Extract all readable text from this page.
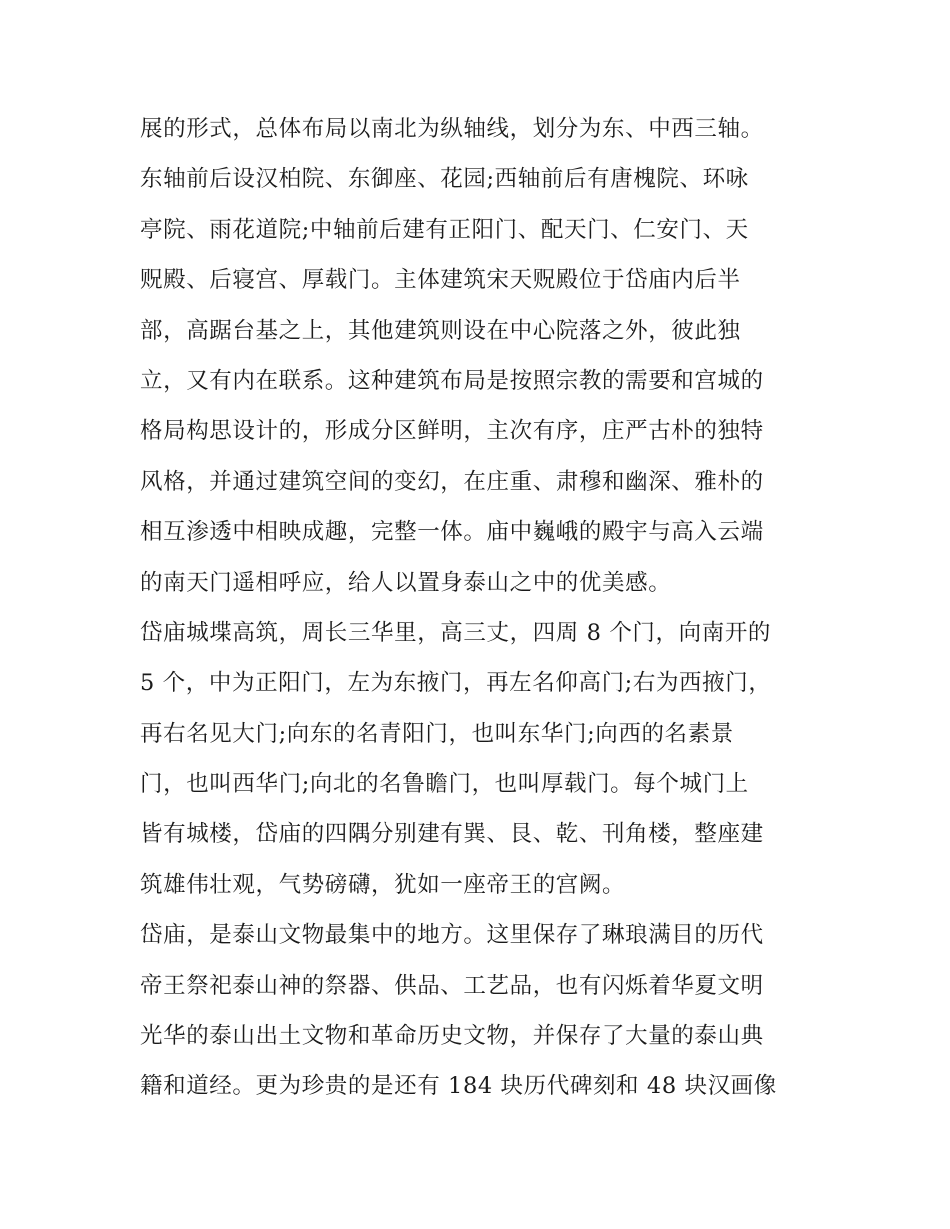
展的形式，总体布局以南北为纵轴线，划分为东、中西三轴。
东轴前后设汉柏院、东御座、花园;西轴前后有唐槐院、环咏
亭院、雨花道院;中轴前后建有正阳门、配天门、仁安门、天
贶殿、后寝宫、厚载门。主体建筑宋天贶殿位于岱庙内后半
部，高踞台基之上，其他建筑则设在中心院落之外，彼此独
立，又有内在联系。这种建筑布局是按照宗教的需要和宫城的
格局构思设计的，形成分区鲜明，主次有序，庄严古朴的独特
风格，并通过建筑空间的变幻，在庄重、肃穆和幽深、雅朴的
相互渗透中相映成趣，完整一体。庙中巍峨的殿宇与高入云端
的南天门遥相呼应，给人以置身泰山之中的优美感。
岱庙城堞高筑，周长三华里，高三丈，四周 8 个门，向南开的
5 个，中为正阳门，左为东掖门，再左名仰高门;右为西掖门，
再右名见大门;向东的名青阳门，也叫东华门;向西的名素景
门，也叫西华门;向北的名鲁瞻门，也叫厚载门。每个城门上
皆有城楼，岱庙的四隅分别建有巽、艮、乾、刊角楼，整座建
筑雄伟壮观，气势磅礴，犹如一座帝王的宫阙。
岱庙，是泰山文物最集中的地方。这里保存了琳琅满目的历代
帝王祭祀泰山神的祭器、供品、工艺品，也有闪烁着华夏文明
光华的泰山出土文物和革命历史文物，并保存了大量的泰山典
籍和道经。更为珍贵的是还有 184 块历代碑刻和 48 块汉画像
